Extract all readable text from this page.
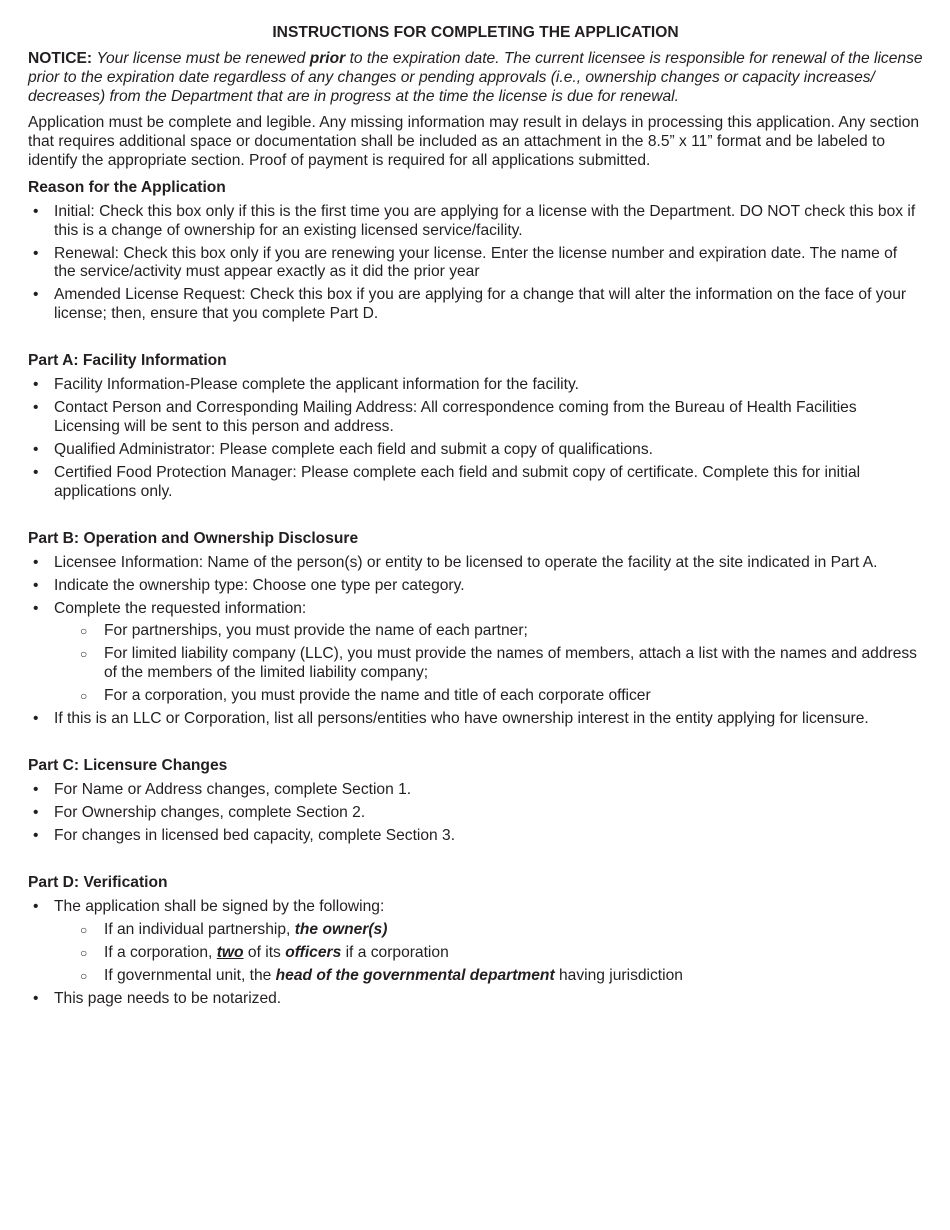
INSTRUCTIONS FOR COMPLETING THE APPLICATION

NOTICE: Your license must be renewed prior to the expiration date. The current licensee is responsible for renewal of the license prior to the expiration date regardless of any changes or pending approvals (i.e., ownership changes or capacity increases/ decreases) from the Department that are in progress at the time the license is due for renewal.

Application must be complete and legible. Any missing information may result in delays in processing this application. Any section that requires additional space or documentation shall be included as an attachment in the 8.5” x 11” format and be labeled to identify the appropriate section. Proof of payment is required for all applications submitted.

Reason for the Application
• Initial: Check this box only if this is the first time you are applying for a license with the Department. DO NOT check this box if this is a change of ownership for an existing licensed service/facility.
• Renewal: Check this box only if you are renewing your license. Enter the license number and expiration date. The name of the service/activity must appear exactly as it did the prior year
• Amended License Request: Check this box if you are applying for a change that will alter the information on the face of your license; then, ensure that you complete Part D.
Part A: Facility Information
• Facility Information-Please complete the applicant information for the facility.
• Contact Person and Corresponding Mailing Address: All correspondence coming from the Bureau of Health Facilities Licensing will be sent to this person and address.
• Qualified Administrator: Please complete each field and submit a copy of qualifications.
• Certified Food Protection Manager: Please complete each field and submit copy of certificate. Complete this for initial applications only.
Part B: Operation and Ownership Disclosure
• Licensee Information: Name of the person(s) or entity to be licensed to operate the facility at the site indicated in Part A.
• Indicate the ownership type: Choose one type per category.
• Complete the requested information:
○ For partnerships, you must provide the name of each partner;
○ For limited liability company (LLC), you must provide the names of members, attach a list with the names and address of the members of the limited liability company;
○ For a corporation, you must provide the name and title of each corporate officer
• If this is an LLC or Corporation, list all persons/entities who have ownership interest in the entity applying for licensure.
Part C: Licensure Changes
• For Name or Address changes, complete Section 1.
• For Ownership changes, complete Section 2.
• For changes in licensed bed capacity, complete Section 3.
Part D: Verification
• The application shall be signed by the following:
○ If an individual partnership, the owner(s)
○ If a corporation, two of its officers if a corporation
○ If governmental unit, the head of the governmental department having jurisdiction
• This page needs to be notarized.
